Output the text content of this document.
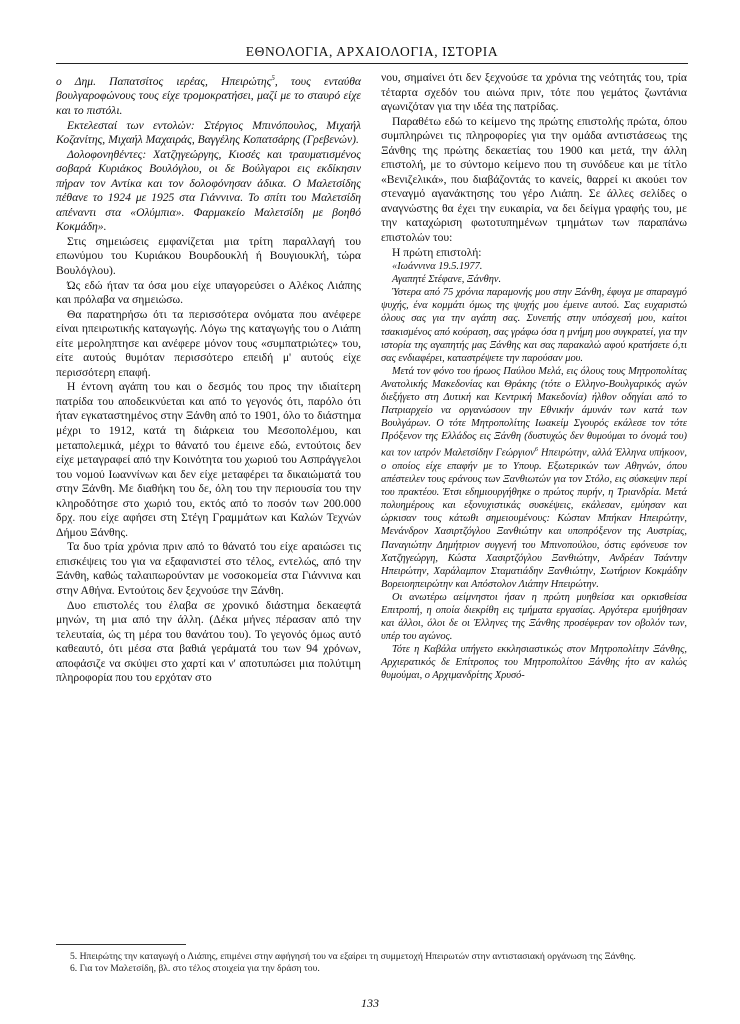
ΕΘΝΟΛΟΓΙΑ, ΑΡΧΑΙΟΛΟΓΙΑ, ΙΣΤΟΡΙΑ

ο Δημ. Παπατσίτος ιερέας, Ηπειρώτης$^5$, τους ενταύθα βουλγαροφώνους τους είχε τρομοκρατήσει, μαζί με το σταυρό είχε και το πιστόλι.

Εκτελεσταί των εντολών: Στέργιος Μπινόπουλος, Μιχαήλ Κοζανίτης, Μιχαήλ Μαχαιράς, Βαγγέλης Κοπατσάρης (Γρεβενών).

Δολοφονηθέντες: Χατζηγεώργης, Κιοσές και τραυματισμένος σοβαρά Κυριάκος Βουλόγλου, οι δε Βούλγαροι εις εκδίκησιν πήραν τον Αντίκα και τον δολοφόνησαν άδικα. Ο Μαλετσίδης πέθανε το 1924 με 1925 στα Γιάννινα. Το σπίτι του Μαλετσίδη απέναντι στα «Ολύμπια». Φαρμακείο Μαλετσίδη με βοηθό Κοκμάδη».

Στις σημειώσεις εμφανίζεται μια τρίτη παραλλαγή του επωνύμου του Κυριάκου Βουρδουκλή ή Βουγιουκλή, τώρα Βουλόγλου).

Ώς εδώ ήταν τα όσα μου είχε υπαγορεύσει ο Αλέκος Λιάπης και πρόλαβα να σημειώσω.

Θα παρατηρήσω ότι τα περισσότερα ονόματα που ανέφερε είναι ηπειρωτικής καταγωγής. Λόγω της καταγωγής του ο Λιάπη είτε μεροληπτησε και ανέφερε μόνον τους «συμπατριώτες» του, είτε αυτούς θυμόταν περισσότερο επειδή μ' αυτούς είχε περισσότερη επαφή.

Η έντονη αγάπη του και ο δεσμός του προς την ιδιαίτερη πατρίδα του αποδεικνύεται και από το γεγονός ότι, παρόλο ότι ήταν εγκαταστημένος στην Ξάνθη από το 1901, όλο το διάστημα μέχρι το 1912, κατά τη διάρκεια του Μεσοπολέμου, και μεταπολεμικά, μέχρι το θάνατό του έμεινε εδώ, εντούτοις δεν είχε μεταγραφεί από την Κοινότητα του χωριού του Ασπράγγελοι του νομού Ιωαννίνων και δεν είχε μεταφέρει τα δικαιώματά του στην Ξάνθη. Με διαθήκη του δε, όλη του την περιουσία του την κληροδότησε στο χωριό του, εκτός από το ποσόν των 200.000 δρχ. που είχε αφήσει στη Στέγη Γραμμάτων και Καλών Τεχνών Δήμου Ξάνθης.

Τα δυο τρία χρόνια πριν από το θάνατό του είχε αραιώσει τις επισκέψεις του για να εξαφανιστεί στο τέλος, εντελώς, από την Ξάνθη, καθώς ταλαιπωρούνταν με νοσοκομεία στα Γιάννινα και στην Αθήνα. Εντούτοις δεν ξεχνούσε την Ξάνθη.

Δυο επιστολές του έλαβα σε χρονικό διάστημα δεκαεφτά μηνών, τη μια από την άλλη. (Δέκα μήνες πέρασαν από την τελευταία, ώς τη μέρα του θανάτου του). Το γεγονός όμως αυτό καθεαυτό, ότι μέσα στα βαθιά γεράματά του των 94 χρόνων, αποφάσιζε να σκύψει στο χαρτί και ν' αποτυπώσει μια πολύτιμη πληροφορία που του ερχόταν στο

νου, σημαίνει ότι δεν ξεχνούσε τα χρόνια της νεότητάς του, τρία τέταρτα σχεδόν του αιώνα πριν, τότε που γεμάτος ζωντάνια αγωνιζόταν για την ιδέα της πατρίδας.

Παραθέτω εδώ το κείμενο της πρώτης επιστολής πρώτα, όπου συμπληρώνει τις πληροφορίες για την ομάδα αντιστάσεως της Ξάνθης της πρώτης δεκαετίας του 1900 και μετά, την άλλη επιστολή, με το σύντομο κείμενο που τη συνόδευε και με τίτλο «Βενιζελικά», που διαβάζοντάς το κανείς, θαρρεί κι ακούει τον στεναγμό αγανάκτησης του γέρο Λιάπη. Σε άλλες σελίδες ο αναγνώστης θα έχει την ευκαιρία, να δει δείγμα γραφής του, με την καταχώριση φωτοτυπημένων τμημάτων των παραπάνω επιστολών του:

Η πρώτη επιστολή:

«Ιωάννινα 19.5.1977.

Αγαπητέ Στέφανε, Ξάνθην.

Ύστερα από 75 χρόνια παραμονής μου στην Ξάνθη, έφυγα με σπαραγμό ψυχής, ένα κομμάτι όμως της ψυχής μου έμεινε αυτού. Σας ευχαριστώ όλους σας για την αγάπη σας. Συνεπής στην υπόσχεσή μου, καίτοι τσακισμένος από κούραση, σας γράφω όσα η μνήμη μου συγκρατεί, για την ιστορία της αγαπητής μας Ξάνθης και σας παρακαλώ αφού κρατήσετε ό,τι σας ενδιαφέρει, καταστρέψετε την παρούσαν μου.

Μετά τον φόνο του ήρωος Παύλου Μελά, εις όλους τους Μητροπολίτας Ανατολικής Μακεδονίας και Θράκης (τότε ο Ελληνο-Βουλγαρικός αγών διεξήγετο στη Δυτική και Κεντρική Μακεδονία) ήλθον οδηγίαι από το Πατριαρχείο να οργανώσουν την Εθνικήν άμυνάν των κατά των Βουλγάρων. Ο τότε Μητροπολίτης Ιωακείμ Σγουρός εκάλεσε τον τότε Πρόξενον της Ελλάδος εις Ξάνθη (δυστυχώς δεν θυμούμαι το όνομά του) και τον ιατρόν Μαλετσίδην Γεώργιον$^6$ Ηπειρώτην, αλλά Έλληνα υπήκοον, ο οποίος είχε επαφήν με το Υπουρ. Εξωτερικών των Αθηνών, όπου απέστειλεν τους εράνους των Ξανθιωτών για τον Στόλο, εις σύσκεψιν περί του πρακτέου. Έτσι εδημιουργήθηκε ο πρώτος πυρήν, η Τριανδρία. Μετά πολυημέρους και εξονυχιστικάς συσκέψεις, εκάλεσαν, εμύησαν και ώρκισαν τους κάτωθι σημειουμένους: Κώσταν Μπήκαν Ηπειρώτην, Μενάνδρον Χασιρτζόγλου Ξανθιώτην και υποπρόξενον της Αυστρίας, Παναγιώτην Δημήτριον συγγενή του Μπινοπούλου, όστις εφόνευσε τον Χατζηγεώργη, Κώστα Χασιρτζόγλου Ξανθιώτην, Ανδρέαν Τσάντην Ηπειρώτην, Χαράλαμπον Σταματιάδην Ξανθιώτην, Σωτήριον Κοκμάδην Βορειοηπειρώτην και Απόστολον Λιάπην Ηπειρώτην.

Οι ανωτέρω αείμνηστοι ήσαν η πρώτη μυηθείσα και ορκισθείσα Επιτροπή, η οποία διεκρίθη εις τμήματα εργασίας. Αργότερα εμυήθησαν και άλλοι, όλοι δε οι Έλληνες της Ξάνθης προσέφεραν τον οβολόν των, υπέρ του αγώνος.

Τότε η Καβάλα υπήγετο εκκλησιαστικώς στον Μητροπολίτην Ξάνθης, Αρχιερατικός δε Επίτροπος του Μητροπολίτου Ξάνθης ήτο αν καλώς θυμούμαι, ο Αρχιμανδρίτης Χρυσό-

5. Ηπειρώτης την καταγωγή ο Λιάπης, επιμένει στην αφήγησή του να εξαίρει τη συμμετοχή Ηπειρωτών στην αντιστασιακή οργάνωση της Ξάνθης.
6. Για τον Μαλετσίδη, βλ. στο τέλος στοιχεία για την δράση του.
133
